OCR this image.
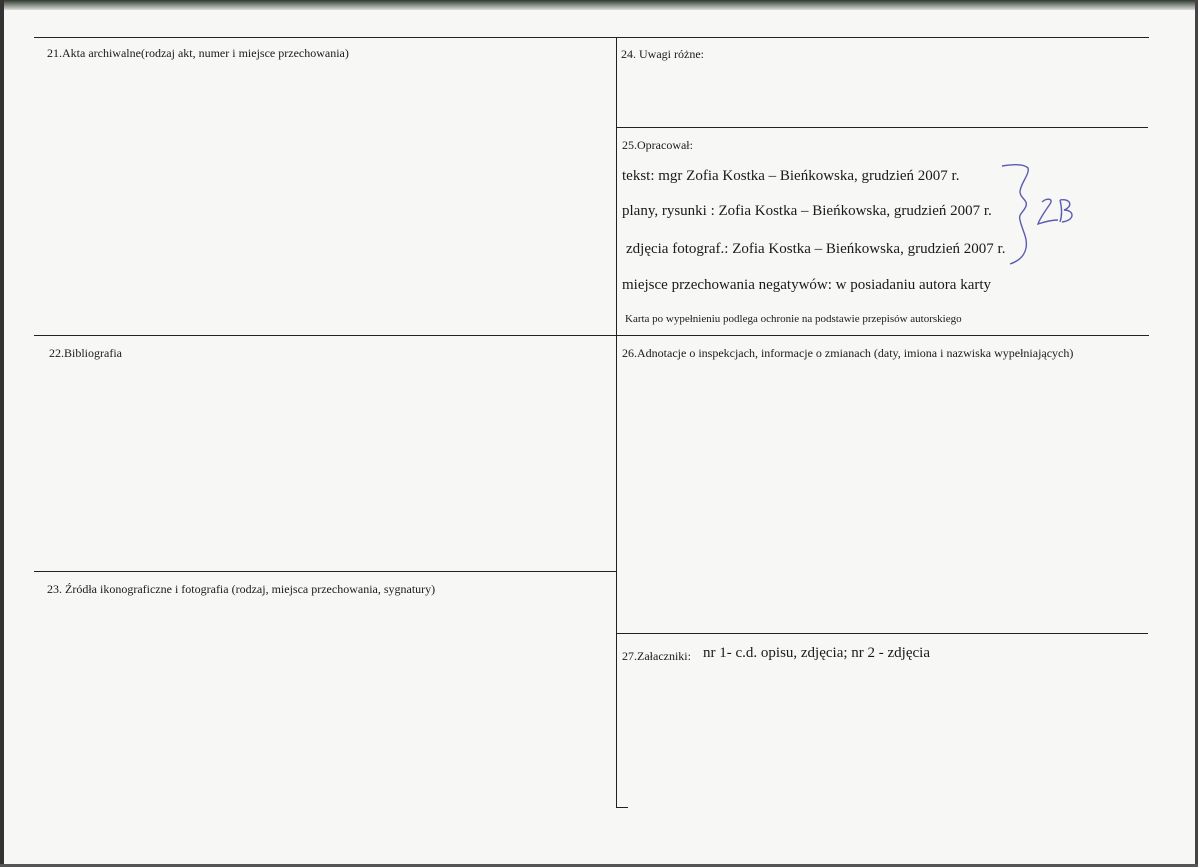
21.Akta archiwalne(rodzaj akt, numer i miejsce przechowania)
22.Bibliografia
23. Źródła ikonograficzne i fotografia (rodzaj, miejsca przechowania, sygnatury)
24. Uwagi różne:
25.Opracował:
tekst: mgr Zofia Kostka – Bieńkowska, grudzień 2007 r.
plany, rysunki : Zofia Kostka – Bieńkowska, grudzień 2007 r.
zdjęcia fotograf.: Zofia Kostka – Bieńkowska, grudzień 2007 r.
miejsce przechowania negatywów: w posiadaniu autora karty
Karta po wypełnieniu podlega ochronie na podstawie przepisów autorskiego
26.Adnotacje o inspekcjach, informacje o zmianach (daty, imiona i nazwiska wypełniających)
27.Załaczniki: nr 1- c.d. opisu, zdjęcia; nr 2 - zdjęcia
